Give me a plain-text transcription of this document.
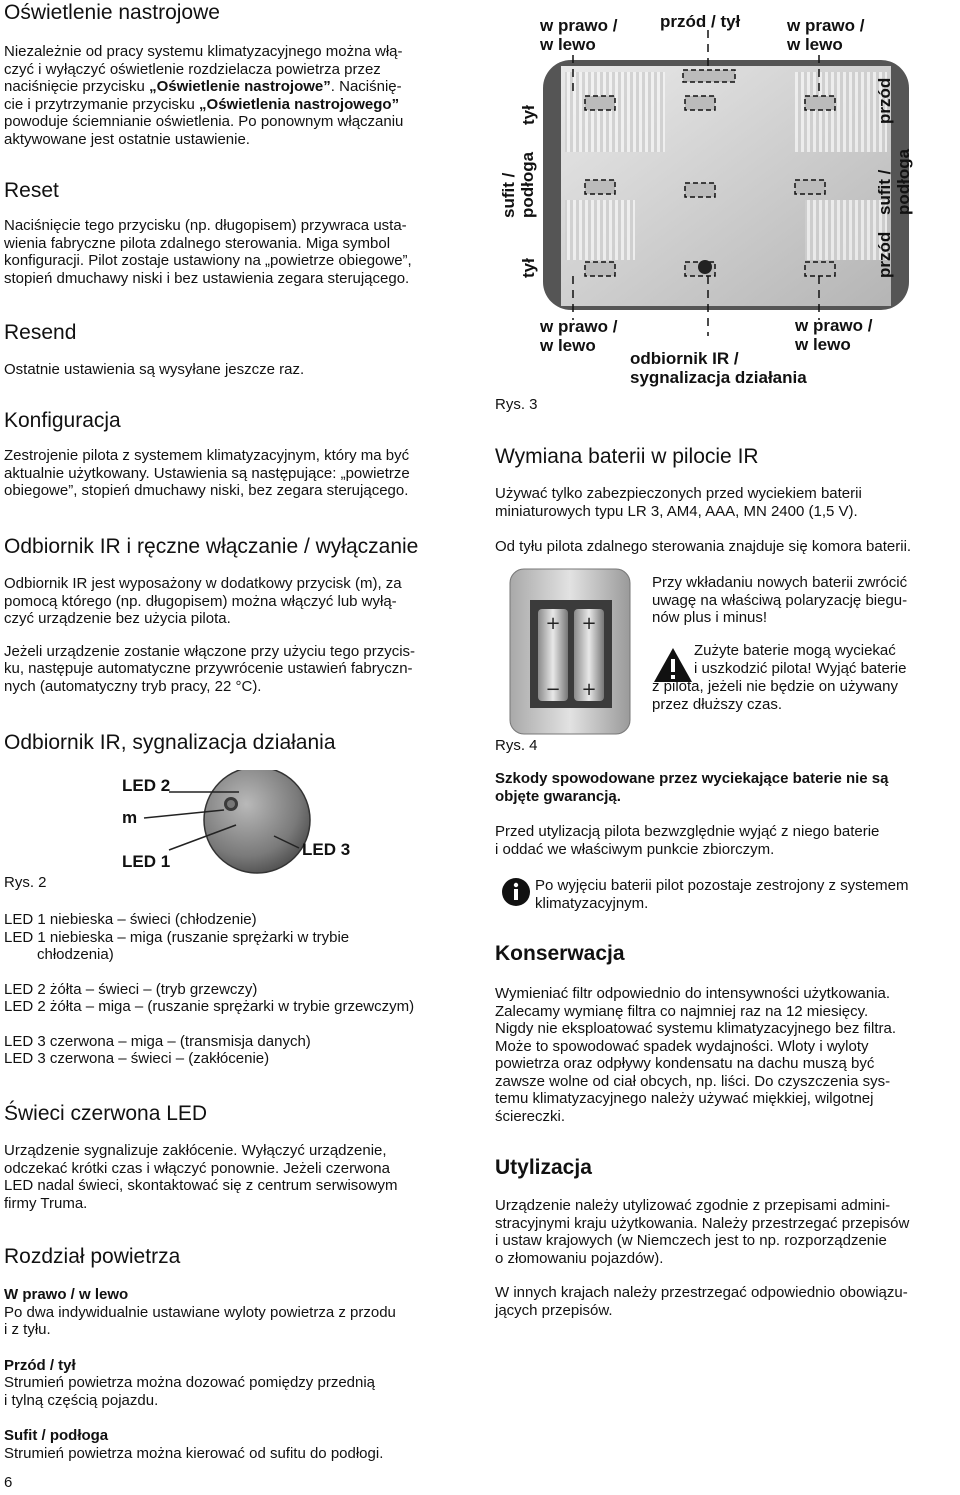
Oświetlenie nastrojowe

Niezależnie od pracy systemu klimatyzacyjnego można włą-
czyć i wyłączyć oświetlenie rozdzielacza powietrza przez
naciśnięcie przycisku „Oświetlenie nastrojowe”. Naciśnię-
cie i przytrzymanie przycisku „Oświetlenia nastrojowego”
powoduje ściemnianie oświetlenia. Po ponownym włączaniu
aktywowane jest ostatnie ustawienie.

Reset

Naciśnięcie tego przycisku (np. długopisem) przywraca usta-
wienia fabryczne pilota zdalnego sterowania. Miga symbol
konfiguracji. Pilot zostaje ustawiony na „powietrze obiegowe”,
stopień dmuchawy niski i bez ustawienia zegara sterującego.

Resend

Ostatnie ustawienia są wysyłane jeszcze raz.

Konfiguracja

Zestrojenie pilota z systemem klimatyzacyjnym, który ma być
aktualnie użytkowany. Ustawienia są następujące: „powietrze
obiegowe”, stopień dmuchawy niski, bez zegara sterującego.

Odbiornik IR i ręczne włączanie / wyłączanie

Odbiornik IR jest wyposażony w dodatkowy przycisk (m), za
pomocą którego (np. długopisem) można włączyć lub wyłą-
czyć urządzenie bez użycia pilota.
Jeżeli urządzenie zostanie włączone przy użyciu tego przycis-
ku, następuje automatyczne przywrócenie ustawień fabryczn-
nych (automatyczny tryb pracy, 22 °C).

Odbiornik IR, sygnalizacja działania

LED 2
m
LED 1
LED 3
Rys. 2
LED 1 niebieska – świeci (chłodzenie)
LED 1 niebieska – miga (ruszanie sprężarki w trybie
chłodzenia)
LED 2 żółta – świeci – (tryb grzewczy)
LED 2 żółta – miga – (ruszanie sprężarki w trybie grzewczym)
LED 3 czerwona – miga – (transmisja danych)
LED 3 czerwona – świeci – (zakłócenie)

Świeci czerwona LED

Urządzenie sygnalizuje zakłócenie. Wyłączyć urządzenie,
odczekać krótki czas i włączyć ponownie. Jeżeli czerwona
LED nadal świeci, skontaktować się z centrum serwisowym
firmy Truma.

Rozdział powietrza

W prawo / w lewo
Po dwa indywidualnie ustawiane wyloty powietrza z przodu
i z tyłu.
Przód / tył
Strumień powietrza można dozować pomiędzy przednią
i tylną częścią pojazdu.
Sufit / podłoga
Strumień powietrza można kierować od sufitu do podłogi.
6
w prawo /
w lewo
przód / tył	w prawo /
w lewo
tył
sufit /
podłoga
tył
przód
sufit /
podłoga
przód
w prawo /
w lewo
w prawo /
w lewo
odbiornik IR /
sygnalizacja działania
Rys. 3

Wymiana baterii w pilocie IR

Używać tylko zabezpieczonych przed wyciekiem baterii
miniaturowych typu LR 3, AM4, AAA, MN 2400 (1,5 V).
Od tyłu pilota zdalnego sterowania znajduje się komora baterii.
+ +
− +
Rys. 4
Przy wkładaniu nowych baterii zwrócić
uwagę na właściwą polaryzację biegu-
nów plus i minus!
Zużyte baterie mogą wyciekać
i uszkodzić pilota! Wyjąć baterie
z pilota, jeżeli nie będzie on używany
przez dłuższy czas.
Szkody spowodowane przez wyciekające baterie nie są
objęte gwarancją.
Przed utylizacją pilota bezwzględnie wyjąć z niego baterie
i oddać we właściwym punkcie zbiorczym.
Po wyjęciu baterii pilot pozostaje zestrojony z systemem
klimatyzacyjnym.

Konserwacja

Wymieniać filtr odpowiednio do intensywności użytkowania.
Zalecamy wymianę filtra co najmniej raz na 12 miesięcy.
Nigdy nie eksploatować systemu klimatyzacyjnego bez filtra.
Może to spowodować spadek wydajności. Wloty i wyloty
powietrza oraz odpływy kondensatu na dachu muszą być
zawsze wolne od ciał obcych, np. liści. Do czyszczenia sys-
temu klimatyzacyjnego należy używać miękkiej, wilgotnej
ściereczki.

Utylizacja

Urządzenie należy utylizować zgodnie z przepisami admini-
stracyjnymi kraju użytkowania. Należy przestrzegać przepisów
i ustaw krajowych (w Niemczech jest to np. rozporządzenie
o złomowaniu pojazdów).
W innych krajach należy przestrzegać odpowiednio obowiązu-
jących przepisów.
